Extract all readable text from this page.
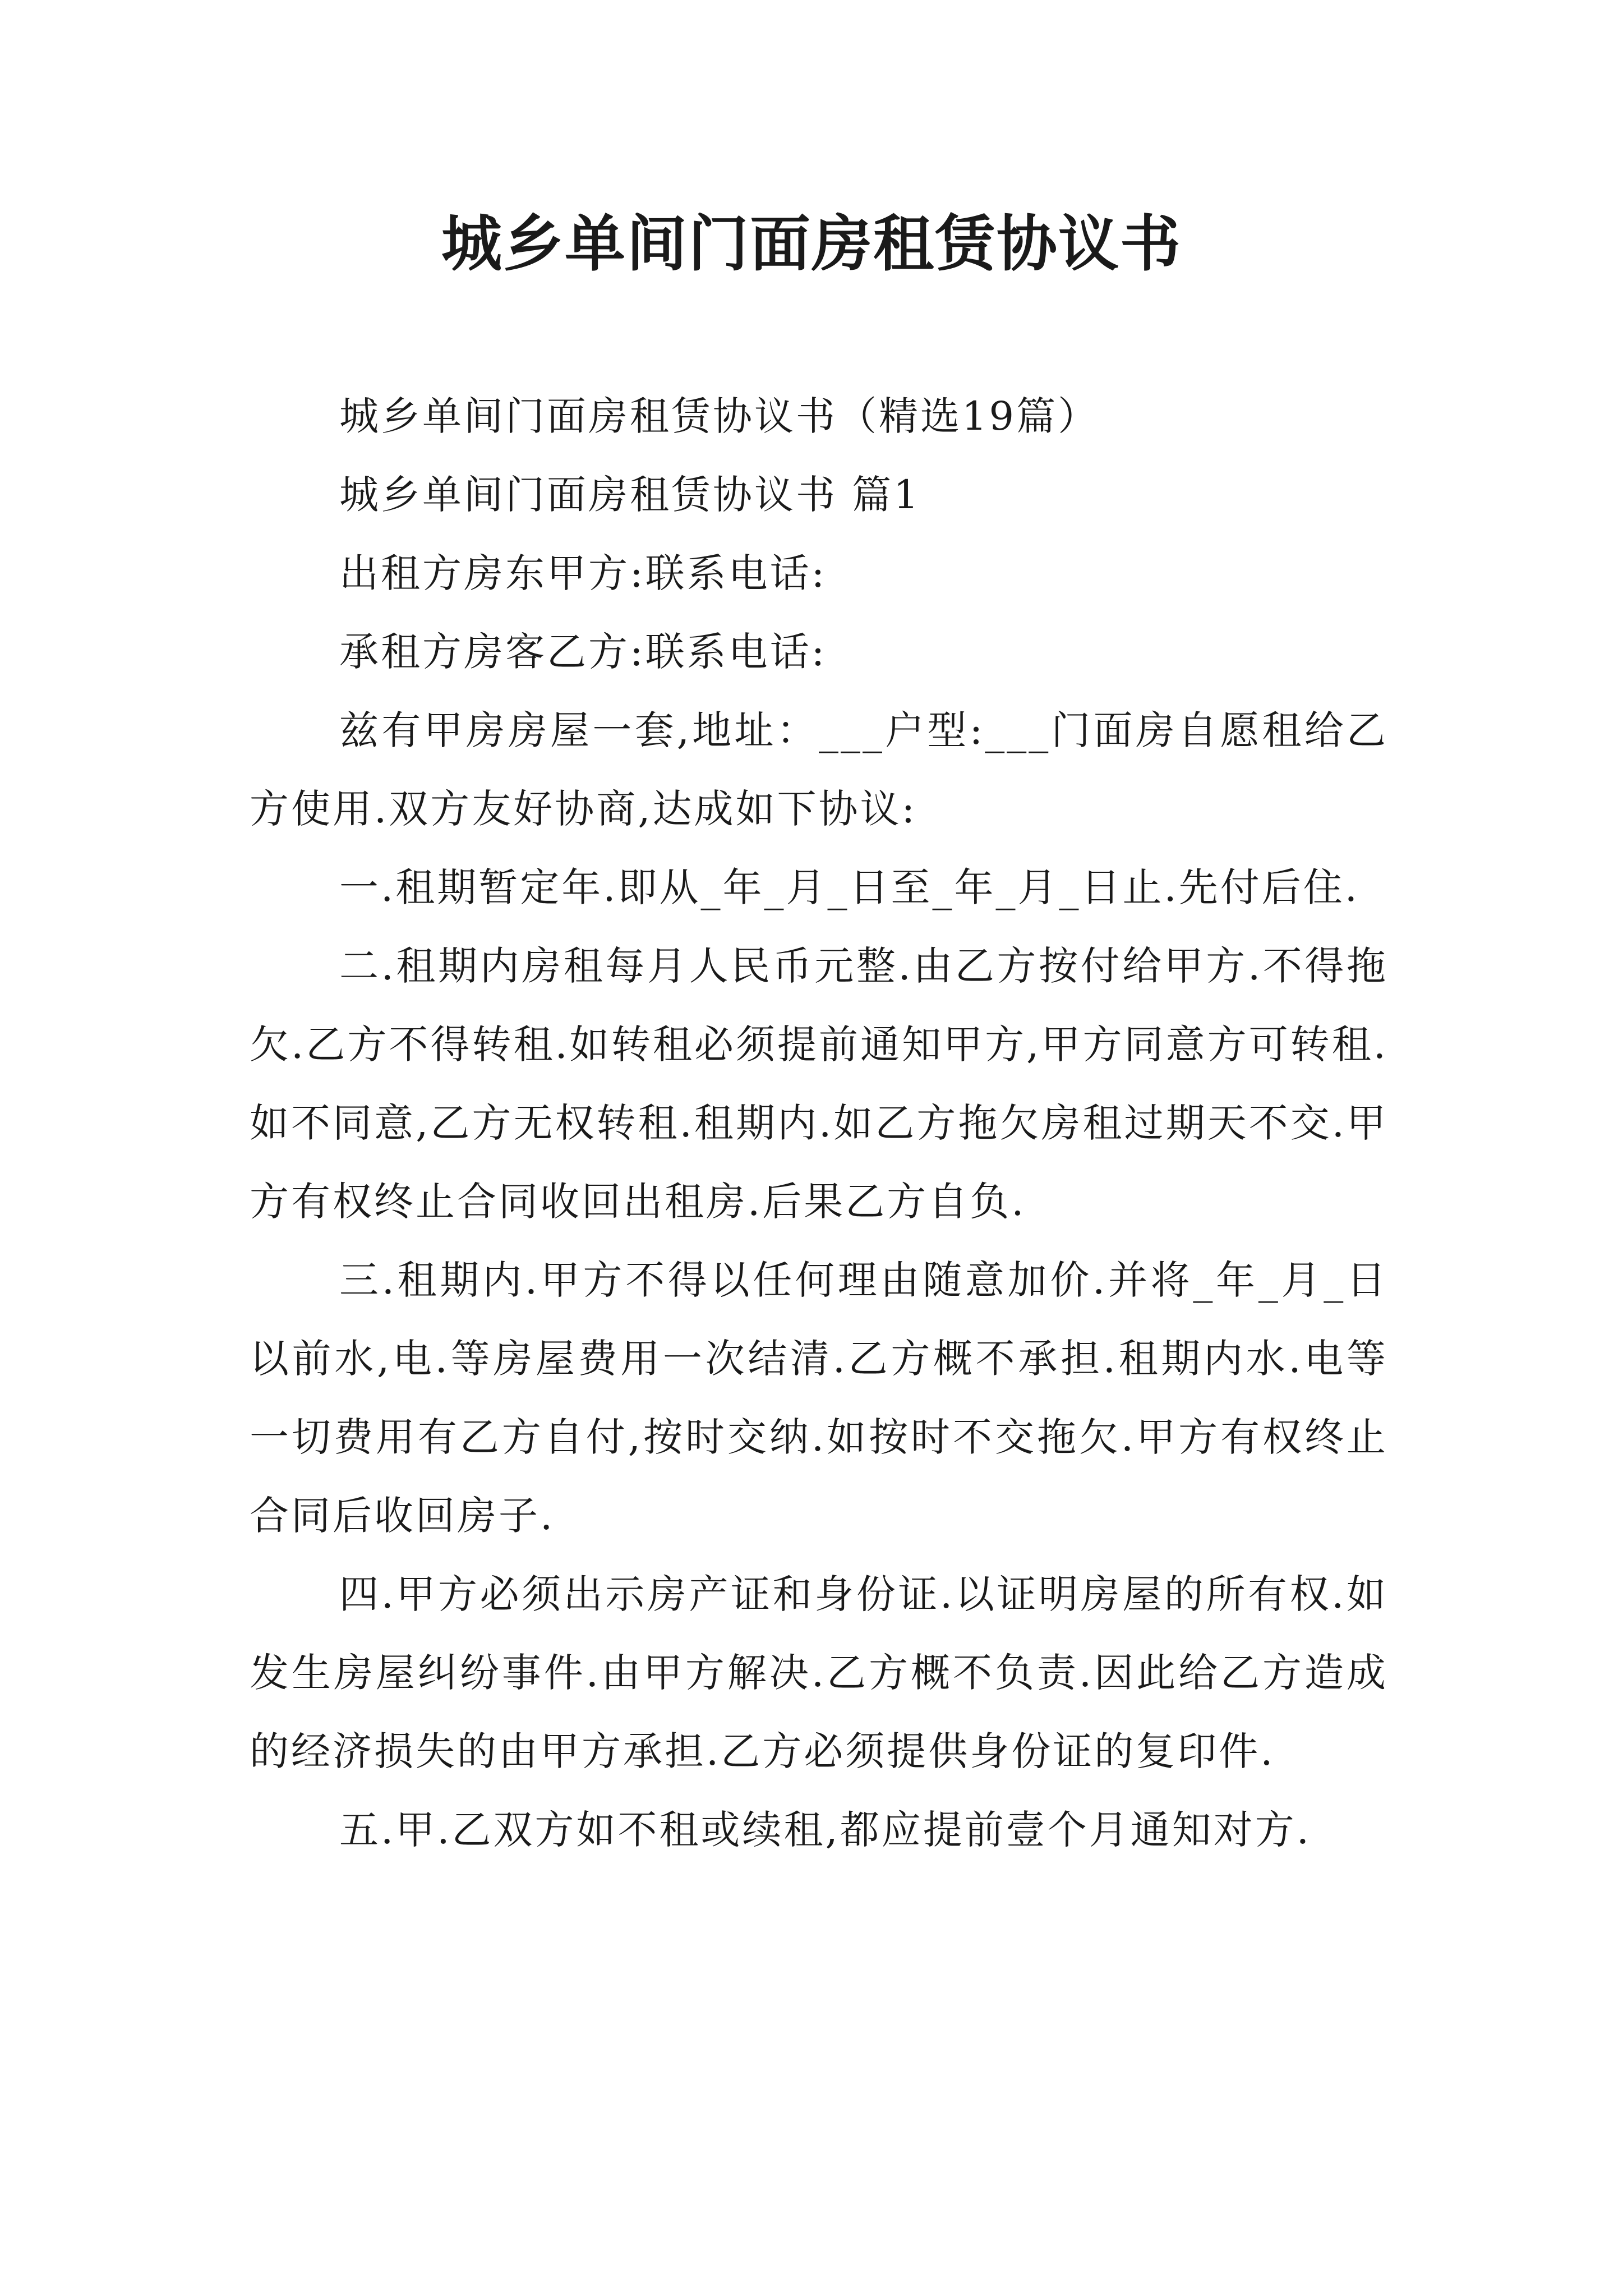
城乡单间门面房租赁协议书

城乡单间门面房租赁协议书（精选19篇）

城乡单间门面房租赁协议书 篇1

出租方房东甲方:联系电话:

承租方房客乙方:联系电话:

兹有甲房房屋一套,地址：___户型:___门面房自愿租给乙方使用.双方友好协商,达成如下协议:

一.租期暂定年.即从_年_月_日至_年_月_日止.先付后住.

二.租期内房租每月人民币元整.由乙方按付给甲方.不得拖欠.乙方不得转租.如转租必须提前通知甲方,甲方同意方可转租.如不同意,乙方无权转租.租期内.如乙方拖欠房租过期天不交.甲方有权终止合同收回出租房.后果乙方自负.

三.租期内.甲方不得以任何理由随意加价.并将_年_月_日以前水,电.等房屋费用一次结清.乙方概不承担.租期内水.电等一切费用有乙方自付,按时交纳.如按时不交拖欠.甲方有权终止合同后收回房子.

四.甲方必须出示房产证和身份证.以证明房屋的所有权.如发生房屋纠纷事件.由甲方解决.乙方概不负责.因此给乙方造成的经济损失的由甲方承担.乙方必须提供身份证的复印件.

五.甲.乙双方如不租或续租,都应提前壹个月通知对方.
